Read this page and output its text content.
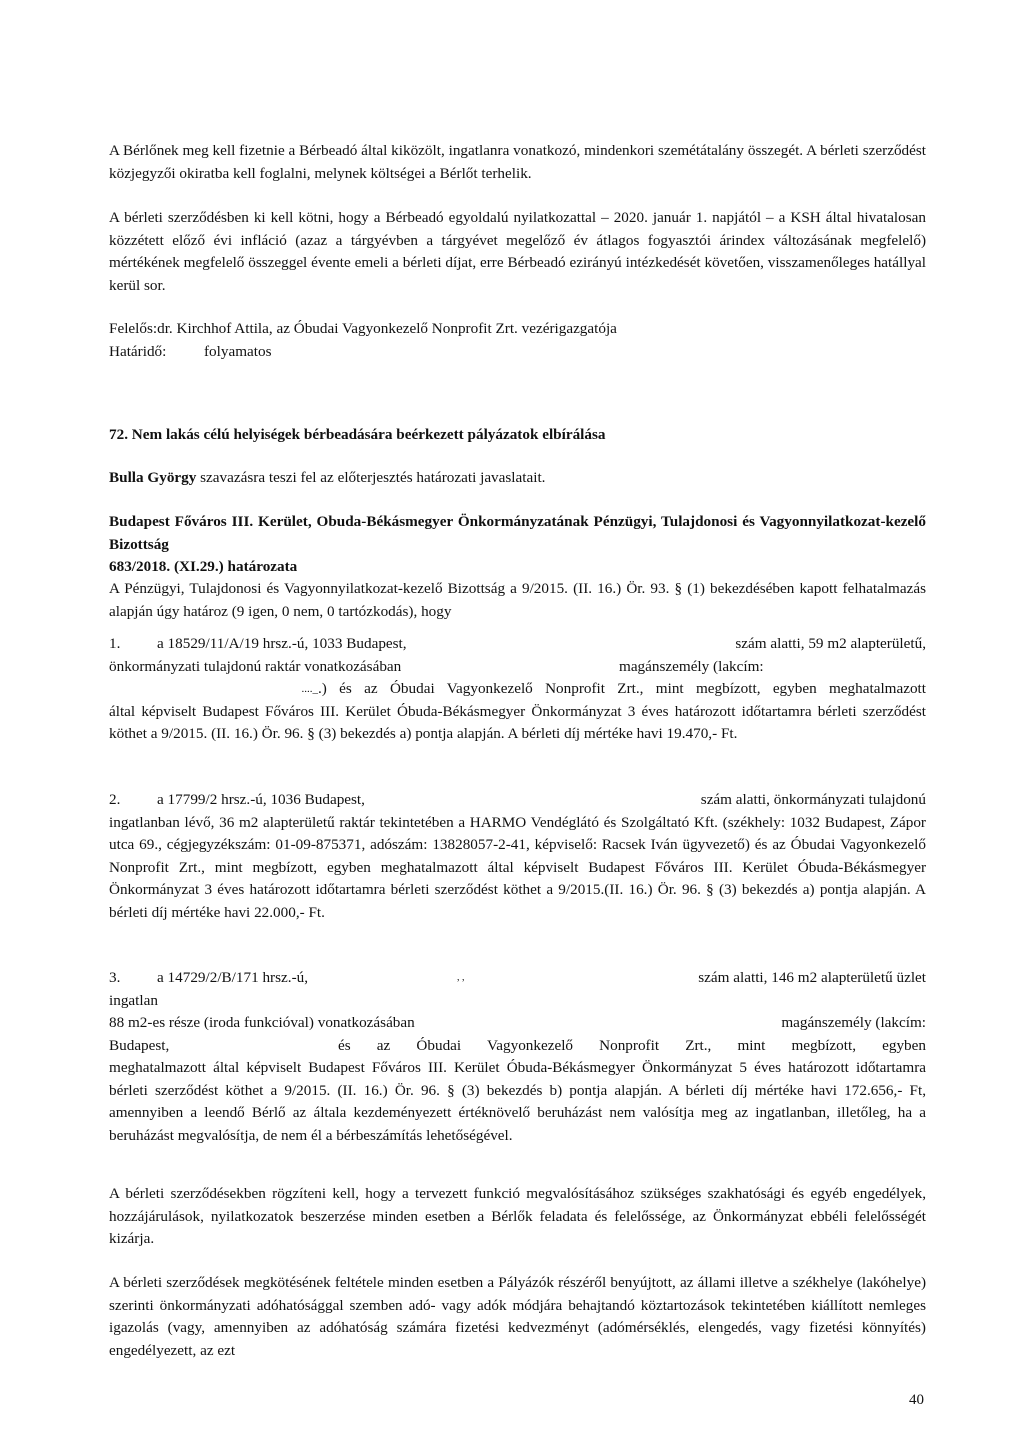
A Bérlőnek meg kell fizetnie a Bérbeadó által kiközölt, ingatlanra vonatkozó, mindenkori szemétátalány összegét. A bérleti szerződést közjegyzői okiratba kell foglalni, melynek költségei a Bérlőt terhelik.

A bérleti szerződésben ki kell kötni, hogy a Bérbeadó egyoldalú nyilatkozattal – 2020. január 1. napjától – a KSH által hivatalosan közzétett előző évi infláció (azaz a tárgyévben a tárgyévet megelőző év átlagos fogyasztói árindex változásának megfelelő) mértékének megfelelő összeggel évente emeli a bérleti díjat, erre Bérbeadó ezirányú intézkedését követően, visszamenőleges hatállyal kerül sor.

Felelős:dr. Kirchhof Attila, az Óbudai Vagyonkezelő Nonprofit Zrt. vezérigazgatója
Határidő: folyamatos

72. Nem lakás célú helyiségek bérbeadására beérkezett pályázatok elbírálása

Bulla György szavazásra teszi fel az előterjesztés határozati javaslatait.

Budapest Főváros III. Kerület, Obuda-Békásmegyer Önkormányzatának Pénzügyi, Tulajdonosi és Vagyonnyilatkozat-kezelő Bizottság

683/2018. (XI.29.) határozata

A Pénzügyi, Tulajdonosi és Vagyonnyilatkozat-kezelő Bizottság a 9/2015. (II. 16.) Ör. 93. § (1) bekezdésében kapott felhatalmazás alapján úgy határoz (9 igen, 0 nem, 0 tartózkodás), hogy

1.	a 18529/11/A/19 hrsz.-ú, 1033 Budapest,	szám alatti, 59 m2 alapterületű,
önkormányzati tulajdonú raktár vonatkozásában	magánszemély (lakcím:
...._ .) és az Óbudai Vagyonkezelő Nonprofit Zrt., mint megbízott, egyben meghatalmazott

által képviselt Budapest Főváros III. Kerület Óbuda-Békásmegyer Önkormányzat 3 éves határozott időtartamra bérleti szerződést köthet a 9/2015. (II. 16.) Ör. 96. § (3) bekezdés a) pontja alapján. A bérleti díj mértéke havi 19.470,- Ft.

2.	a 17799/2 hrsz.-ú, 1036 Budapest,	szám alatti, önkormányzati tulajdonú

ingatlanban lévő, 36 m2 alapterületű raktár tekintetében a HARMO Vendéglátó és Szolgáltató Kft. (székhely: 1032 Budapest, Zápor utca 69., cégjegyzékszám: 01-09-875371, adószám: 13828057-2-41, képviselő: Racsek Iván ügyvezető) és az Óbudai Vagyonkezelő Nonprofit Zrt., mint megbízott, egyben meghatalmazott által képviselt Budapest Főváros III. Kerület Óbuda-Békásmegyer Önkormányzat 3 éves határozott időtartamra bérleti szerződést köthet a 9/2015.(II. 16.) Ör. 96. § (3) bekezdés a) pontja alapján. A bérleti díj mértéke havi 22.000,- Ft.

3.	a 14729/2/B/171 hrsz.-ú,	, ,	szám alatti, 146 m2 alapterületű üzlet

ingatlan

88 m2-es része (iroda funkcióval) vonatkozásában	magánszemély (lakcím:
Budapest,	és az Óbudai Vagyonkezelő Nonprofit Zrt., mint megbízott, egyben

meghatalmazott által képviselt Budapest Főváros III. Kerület Óbuda-Békásmegyer Önkormányzat 5 éves határozott időtartamra bérleti szerződést köthet a 9/2015. (II. 16.) Ör. 96. § (3) bekezdés b) pontja alapján. A bérleti díj mértéke havi 172.656,- Ft, amennyiben a leendő Bérlő az általa kezdeményezett értéknövelő beruházást nem valósítja meg az ingatlanban, illetőleg, ha a beruházást megvalósítja, de nem él a bérbeszámítás lehetőségével.

A bérleti szerződésekben rögzíteni kell, hogy a tervezett funkció megvalósításához szükséges szakhatósági és egyéb engedélyek, hozzájárulások, nyilatkozatok beszerzése minden esetben a Bérlők feladata és felelőssége, az Önkormányzat ebbéli felelősségét kizárja.

A bérleti szerződések megkötésének feltétele minden esetben a Pályázók részéről benyújtott, az állami illetve a székhelye (lakóhelye) szerinti önkormányzati adóhatósággal szemben adó- vagy adók módjára behajtandó köztartozások tekintetében kiállított nemleges igazolás (vagy, amennyiben az adóhatóság számára fizetési kedvezményt (adómérséklés, elengedés, vagy fizetési könnyítés) engedélyezett, az ezt

40
